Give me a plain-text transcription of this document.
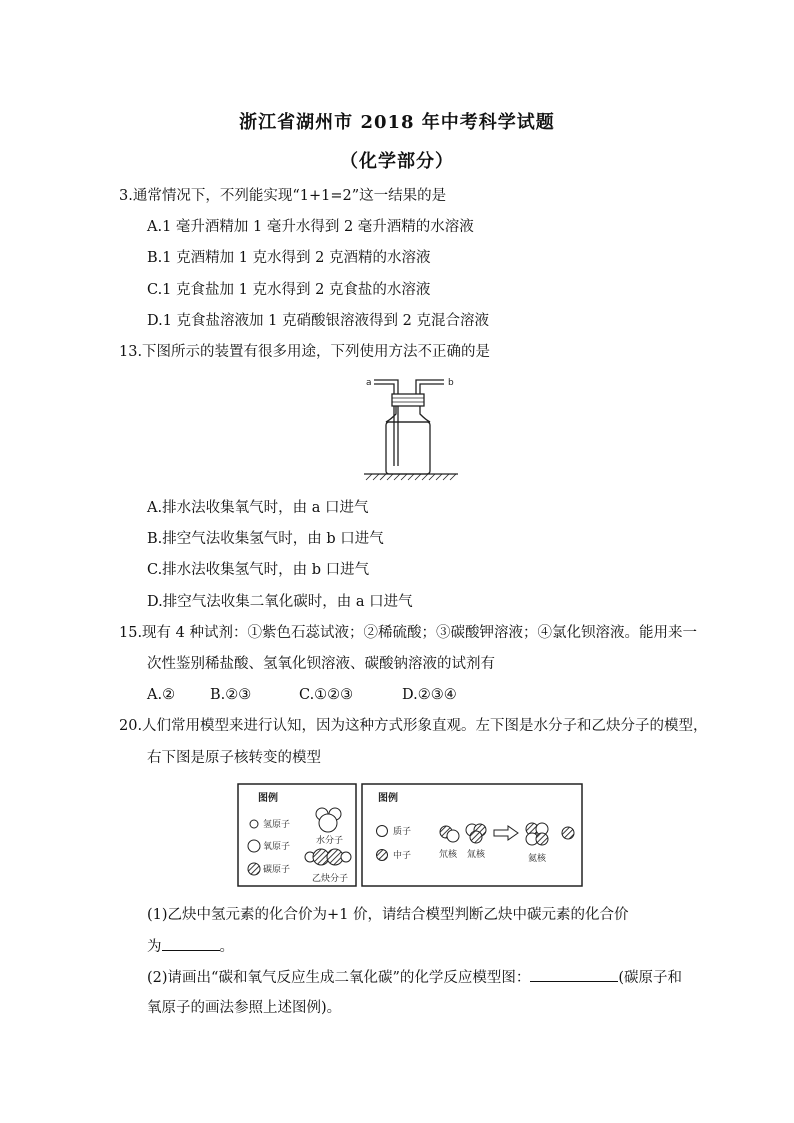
浙江省湖州市 2018 年中考科学试题
（化学部分）
3.通常情况下，不列能实现“1+1=2”这一结果的是
A.1 毫升酒精加 1 毫升水得到 2 毫升酒精的水溶液
B.1 克酒精加 1 克水得到 2 克酒精的水溶液
C.1 克食盐加 1 克水得到 2 克食盐的水溶液
D.1 克食盐溶液加 1 克硝酸银溶液得到 2 克混合溶液
13.下图所示的装置有很多用途，下列使用方法不正确的是
a	b
A.排水法收集氧气时，由 a 口进气
B.排空气法收集氢气时，由 b 口进气
C.排水法收集氢气时，由 b 口进气
D.排空气法收集二氧化碳时，由 a 口进气
15.现有 4 种试剂：①紫色石蕊试液；②稀硫酸；③碳酸钾溶液；④氯化钡溶液。能用来一
次性鉴别稀盐酸、氢氧化钡溶液、碳酸钠溶液的试剂有
A.② B.②③	C.①②③	D.②③④
20.人们常用模型来进行认知，因为这种方式形象直观。左下图是水分子和乙炔分子的模型，
右下图是原子核转变的模型
图例
氢原子
氧原子
碳原子
水分子
乙炔分子
图例
质子
中子	氘核 氚核	氦核
(1)乙炔中氢元素的化合价为+1 价，请结合模型判断乙炔中碳元素的化合价
为	。
(2)请画出“碳和氧气反应生成二氧化碳”的化学反应模型图：	(碳原子和
氧原子的画法参照上述图例)。
